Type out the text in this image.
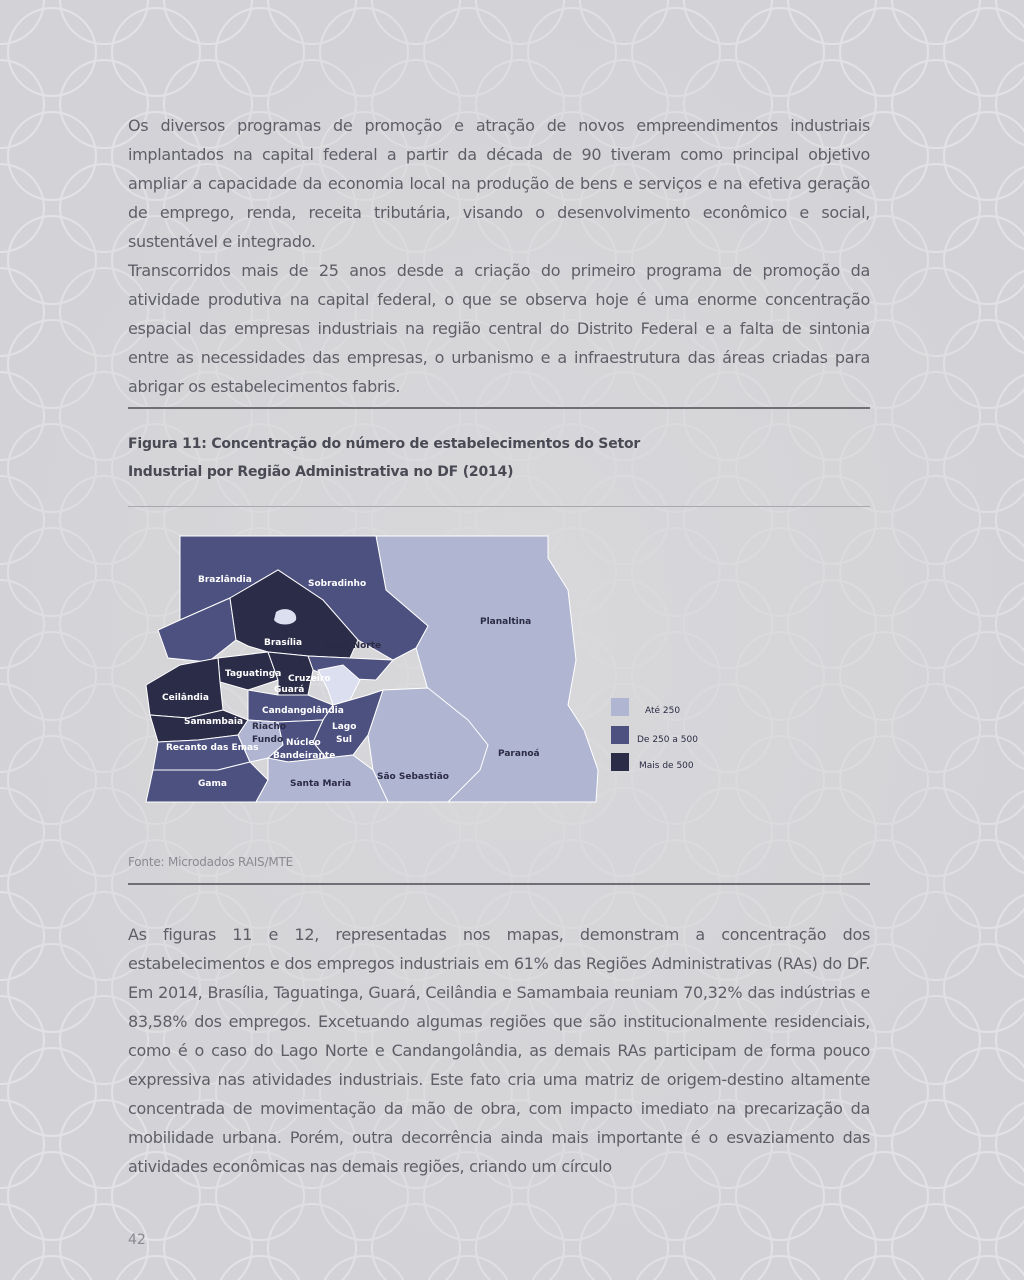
Os diversos programas de promoção e atração de novos empreendimentos industriais implantados na capital federal a partir da década de 90 tiveram como principal objetivo ampliar a capacidade da economia local na produção de bens e serviços e na efetiva geração de emprego, renda, receita tributária, visando o desenvolvimento econômico e social, sustentável e integrado.

Transcorridos mais de 25 anos desde a criação do primeiro programa de promoção da atividade produtiva na capital federal, o que se observa hoje é uma enorme concentração espacial das empresas industriais na região central do Distrito Federal e a falta de sintonia entre as necessidades das empresas, o urbanismo e a infraestrutura das áreas criadas para abrigar os estabelecimentos fabris.

Figura 11: Concentração do número de estabelecimentos do Setor
Industrial por Região Administrativa no DF (2014)
Brazlândia	Sobradinho
Planaltina
Brasília	Lago Norte
Taguatinga Cruzeiro
Guará
Ceilândia
Candangolândia
Samambaia Riacho
Fundo
Lago
Sul
Núcleo
Bandeirante
Recanto das Emas
Paranoá
Gama	Santa Maria
São Sebastião
Até 250
De 250 a 500
Mais de 500
Fonte: Microdados RAIS/MTE

As figuras 11 e 12, representadas nos mapas, demonstram a concentração dos estabelecimentos e dos empregos industriais em 61% das Regiões Administrativas (RAs) do DF. Em 2014, Brasília, Taguatinga, Guará, Ceilândia e Samambaia reuniam 70,32% das indústrias e 83,58% dos empregos. Excetuando algumas regiões que são institucionalmente residenciais, como é o caso do Lago Norte e Candangolândia, as demais RAs participam de forma pouco expressiva nas atividades industriais. Este fato cria uma matriz de origem-destino altamente concentrada de movimentação da mão de obra, com impacto imediato na precarização da mobilidade urbana. Porém, outra decorrência ainda mais importante é o esvaziamento das atividades econômicas nas demais regiões, criando um círculo

42
